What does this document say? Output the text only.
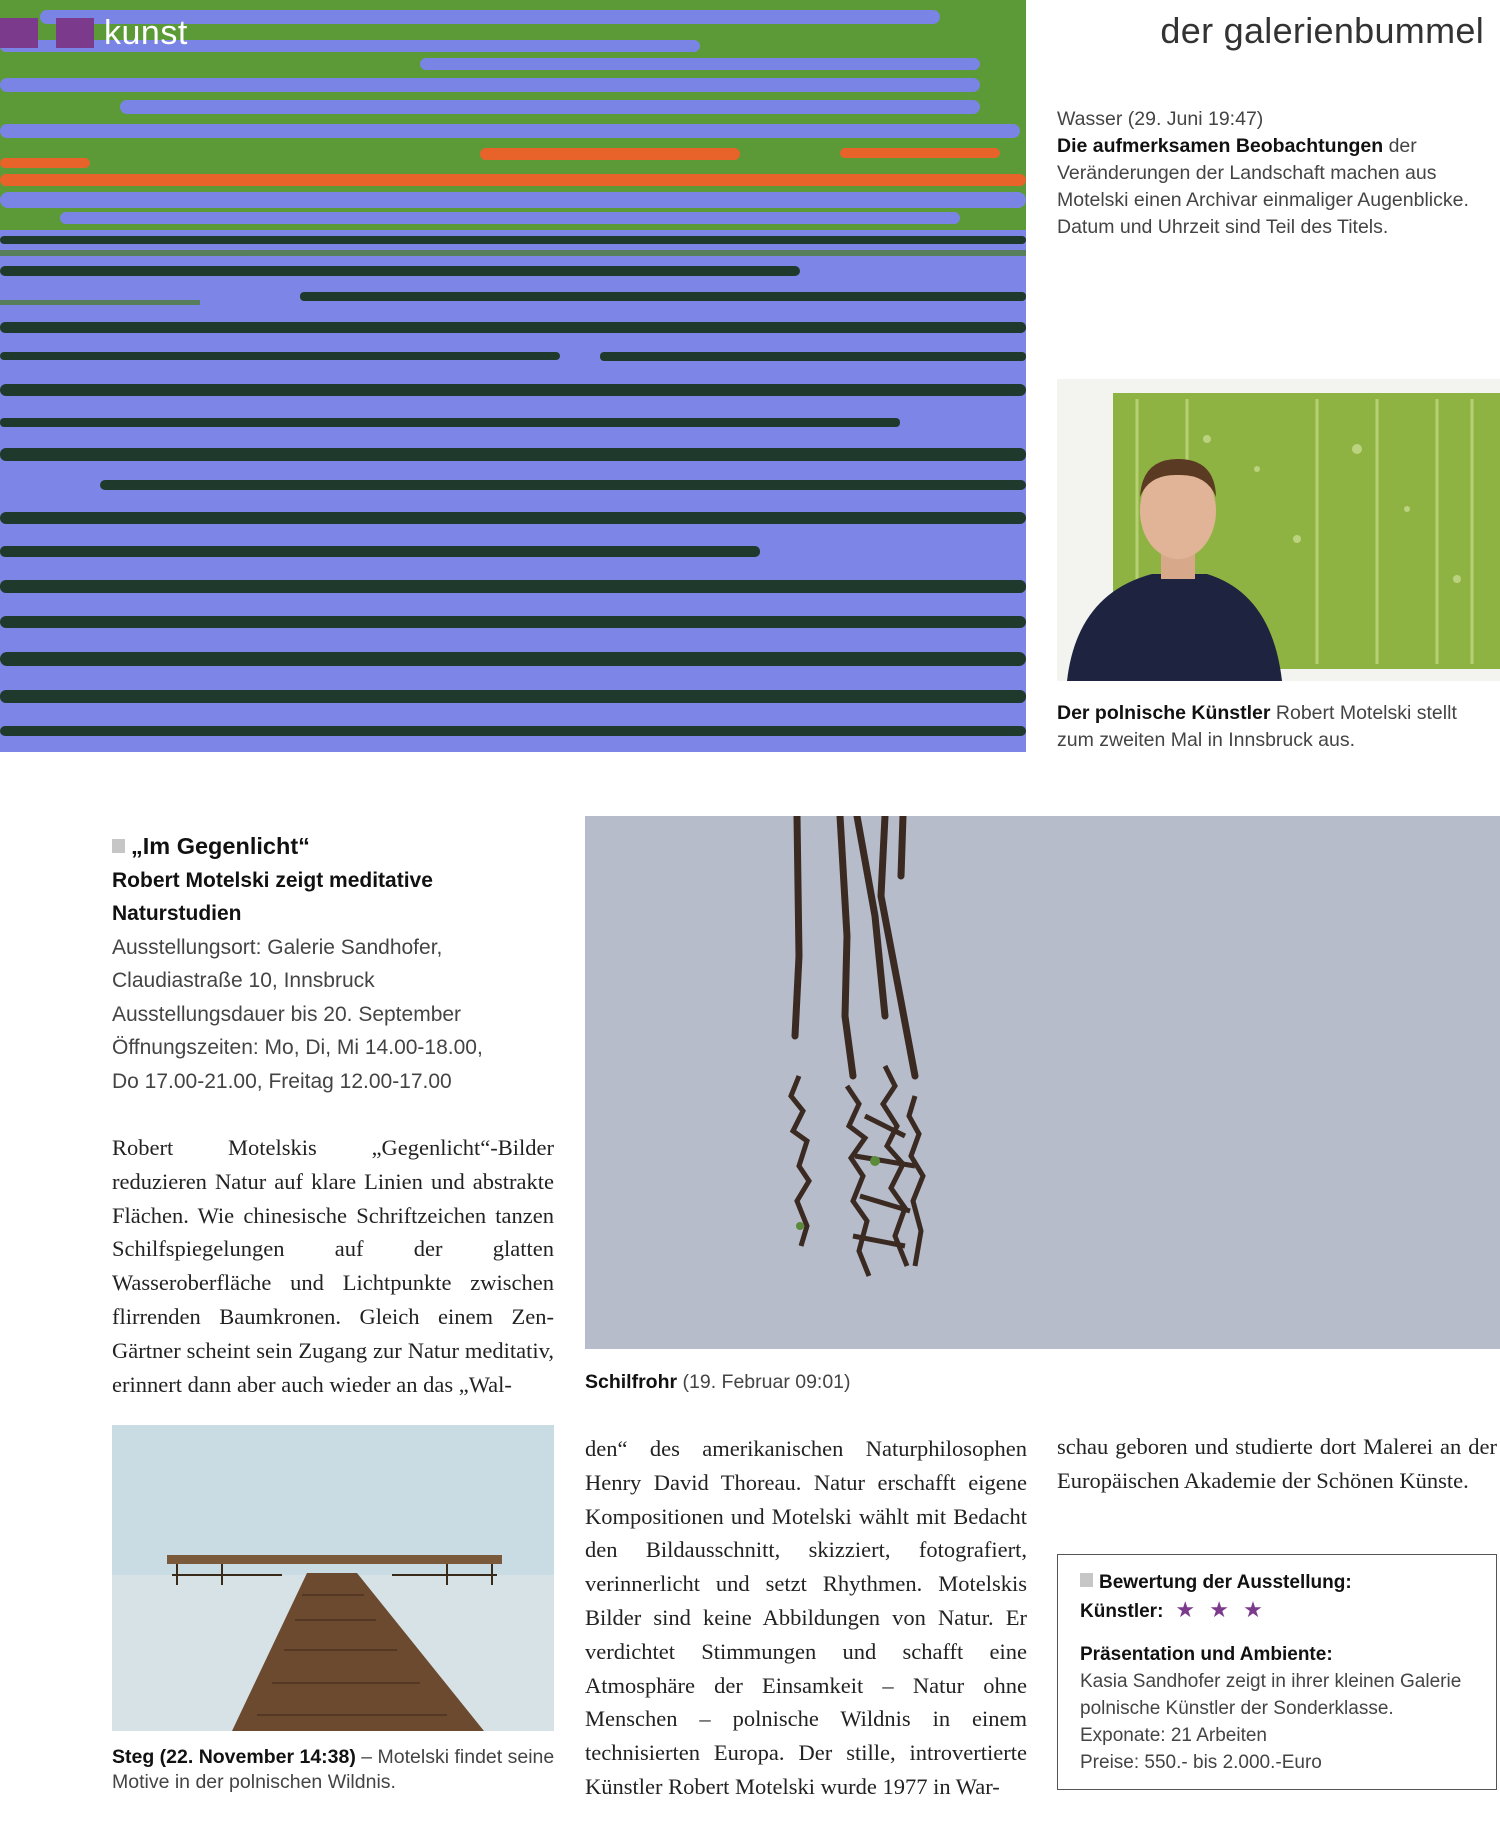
kunst	der galerienbummel
Wasser (29. Juni 19:47)
Die aufmerksamen Beobachtungen der Veränderungen der Landschaft machen aus Motelski einen Archivar einmaliger Augenblicke. Datum und Uhrzeit sind Teil des Titels.
Der polnische Künstler Robert Motelski stellt zum zweiten Mal in Innsbruck aus.
„Im Gegenlicht“
Robert Motelski zeigt meditative Naturstudien
Ausstellungsort: Galerie Sandhofer,
Claudiastraße 10, Innsbruck
Ausstellungsdauer bis 20. September
Öffnungszeiten: Mo, Di, Mi 14.00-18.00,
Do 17.00-21.00, Freitag 12.00-17.00

Robert Motelskis „Gegenlicht“-Bilder reduzieren Natur auf klare Linien und abstrakte Flächen. Wie chinesische Schriftzeichen tanzen Schilfspiegelungen auf der glatten Wasseroberfläche und Lichtpunkte zwischen flirrenden Baumkronen. Gleich einem Zen-Gärtner scheint sein Zugang zur Natur meditativ, erinnert dann aber auch wieder an das „Wal-	Schilfrohr (19. Februar 09:01)
Steg (22. November 14:38) – Motelski findet seine Motive in der polnischen Wildnis.

den“ des amerikanischen Naturphilosophen Henry David Thoreau. Natur erschafft eigene Kompositionen und Motelski wählt mit Bedacht den Bildausschnitt, skizziert, fotografiert, verinnerlicht und setzt Rhythmen. Motelskis Bilder sind keine Abbildungen von Natur. Er verdichtet Stimmungen und schafft eine Atmosphäre der Einsamkeit – Natur ohne Menschen – polnische Wildnis in einem technisierten Europa. Der stille, introvertierte Künstler Robert Motelski wurde 1977 in War-

schau geboren und studierte dort Malerei an der Europäischen Akademie der Schönen Künste.

Bewertung der Ausstellung:
Künstler: ★ ★ ★
Präsentation und Ambiente:
Kasia Sandhofer zeigt in ihrer kleinen Galerie polnische Künstler der Sonderklasse.
Exponate: 21 Arbeiten
Preise: 550.- bis 2.000.-Euro
